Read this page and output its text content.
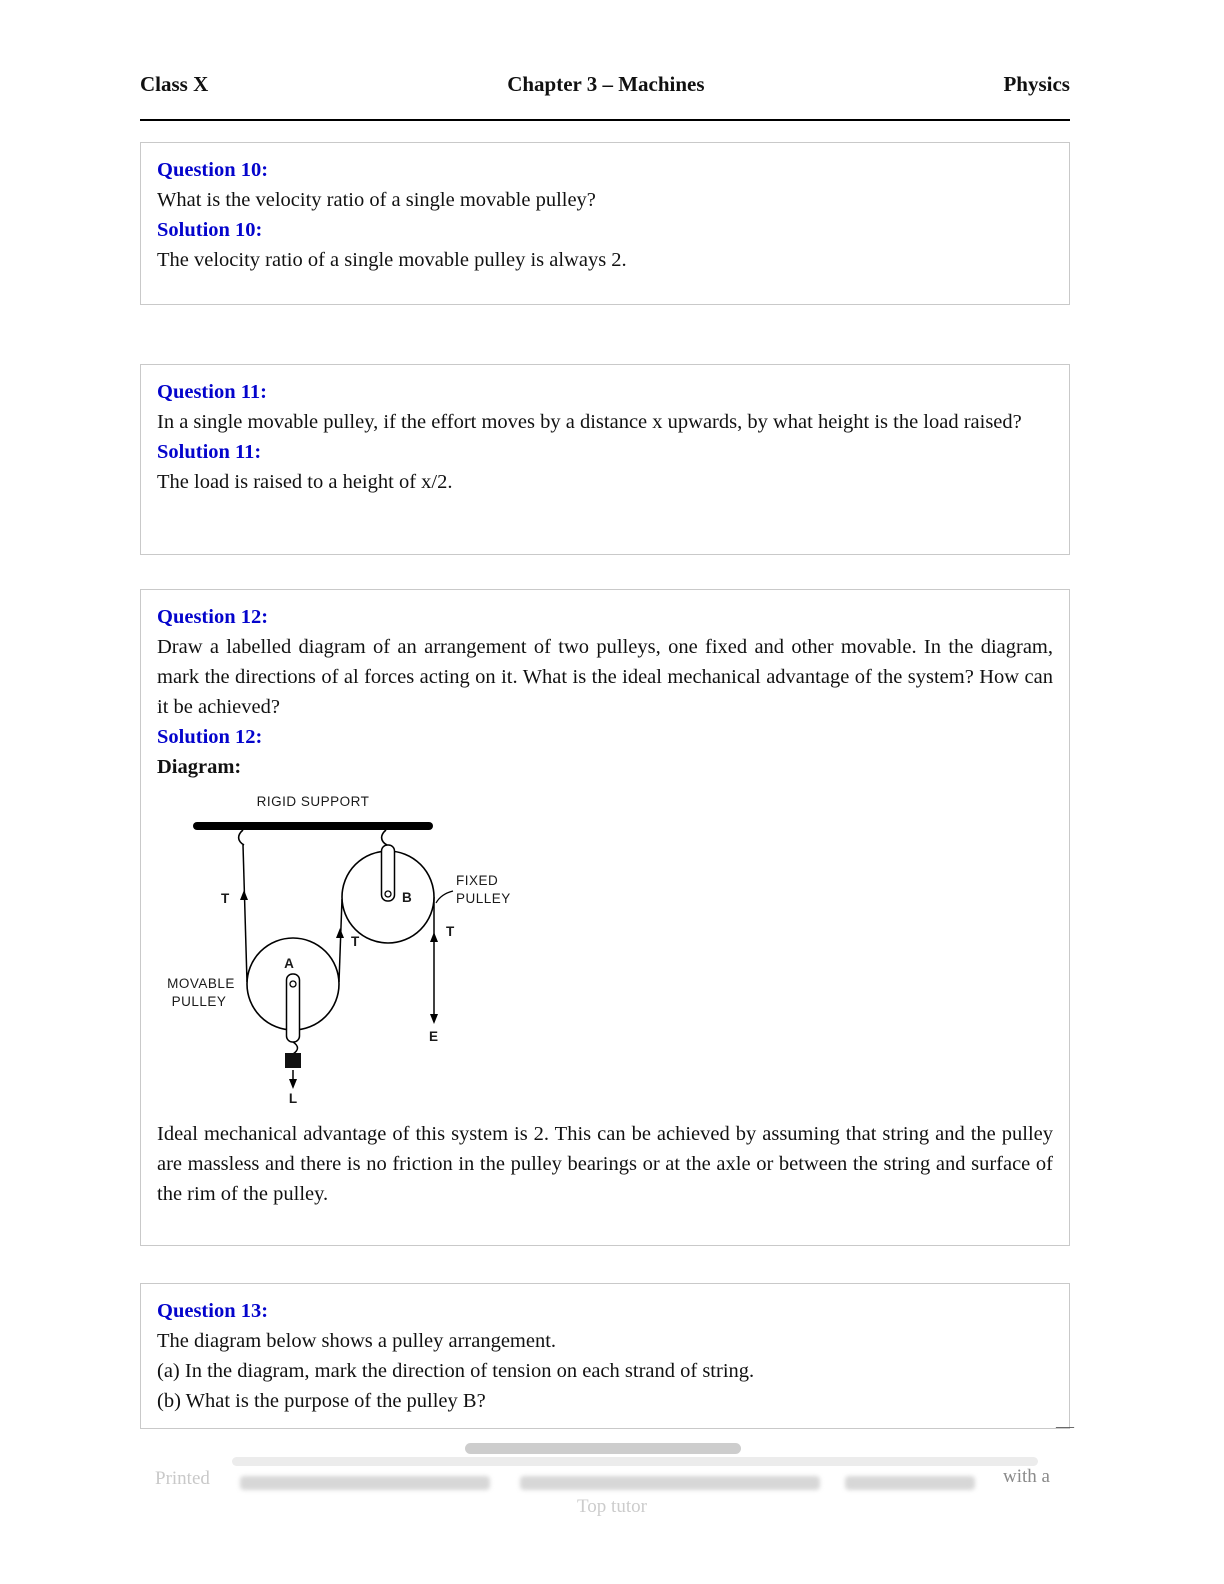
Class X	Chapter 3 – Machines	Physics
Question 10:
What is the velocity ratio of a single movable pulley?
Solution 10:
The velocity ratio of a single movable pulley is always 2.
Question 11:
In a single movable pulley, if the effort moves by a distance x upwards, by what height is the load raised?
Solution 11:
The load is raised to a height of x/2.
Question 12:
Draw a labelled diagram of an arrangement of two pulleys, one fixed and other movable. In the diagram, mark the directions of al forces acting on it. What is the ideal mechanical advantage of the system? How can it be achieved?
Solution 12:
Diagram:
RIGID SUPPORT
B
FIXED
PULLEY
A
MOVABLE
PULLEY
L
T
T
T
E
Ideal mechanical advantage of this system is 2. This can be achieved by assuming that string and the pulley are massless and there is no friction in the pulley bearings or at the axle or between the string and surface of the rim of the pulley.
Question 13:
The diagram below shows a pulley arrangement.
(a) In the diagram, mark the direction of tension on each strand of string.
(b) What is the purpose of the pulley B?
—
Printed	with a
Top tutor
